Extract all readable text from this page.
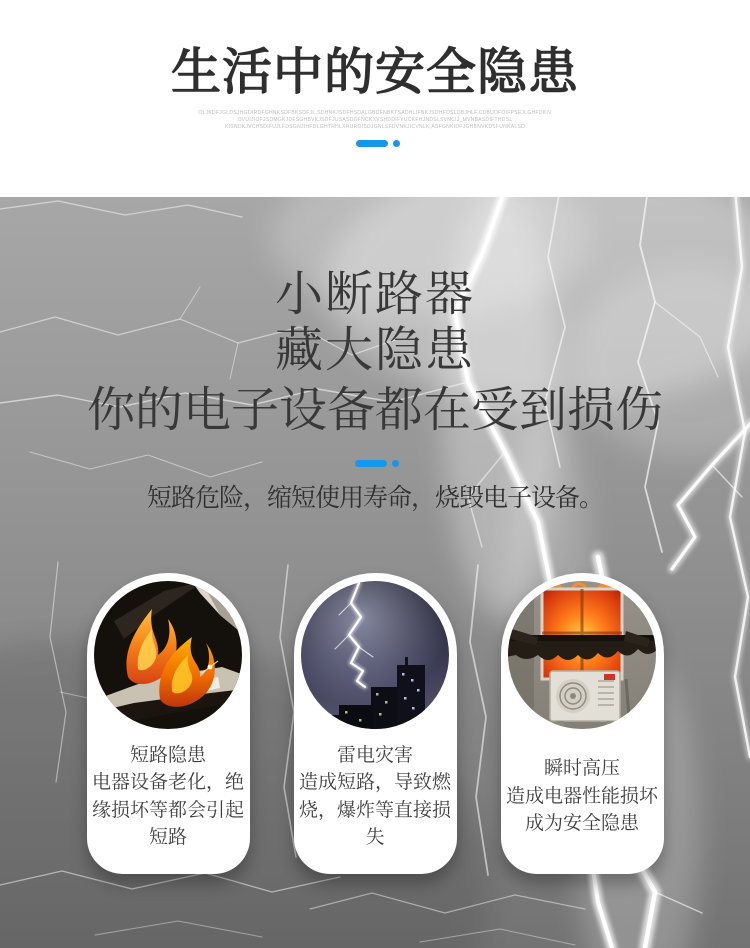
生活中的安全隐患
OLJKDFJGLDSJHGOIRDFGHNKSDFBKSDFJL,SDHNKJSDFHSDALGBDFNBKTSADHLIFNKJSDHFOSLDBJHLF,CDBUDFOIFPSEJLGHFDKIV
OVUIJIOFJSDMGKJDFSGHBVKJSDFJUSASDGFNCKXVSHDDIFYUCKFHJNDSLSVNCIJ_MVNBASDIFTHDSL
KISNDKJVCHSDIFUJLFDSGNJIHFDLGHTRHLXRUROISDJGNLSFDVNKJICVNLK,ASFGNKIDFJGHBNVKDSFUNKALSD
小断路器
藏大隐患
你的电子设备都在受到损伤
短路危险，缩短使用寿命，烧毁电子设备。
短路隐患
电器设备老化，绝
缘损坏等都会引起
短路
雷电灾害
造成短路，导致燃
烧，爆炸等直接损
失
瞬时高压
造成电器性能损坏
成为安全隐患
